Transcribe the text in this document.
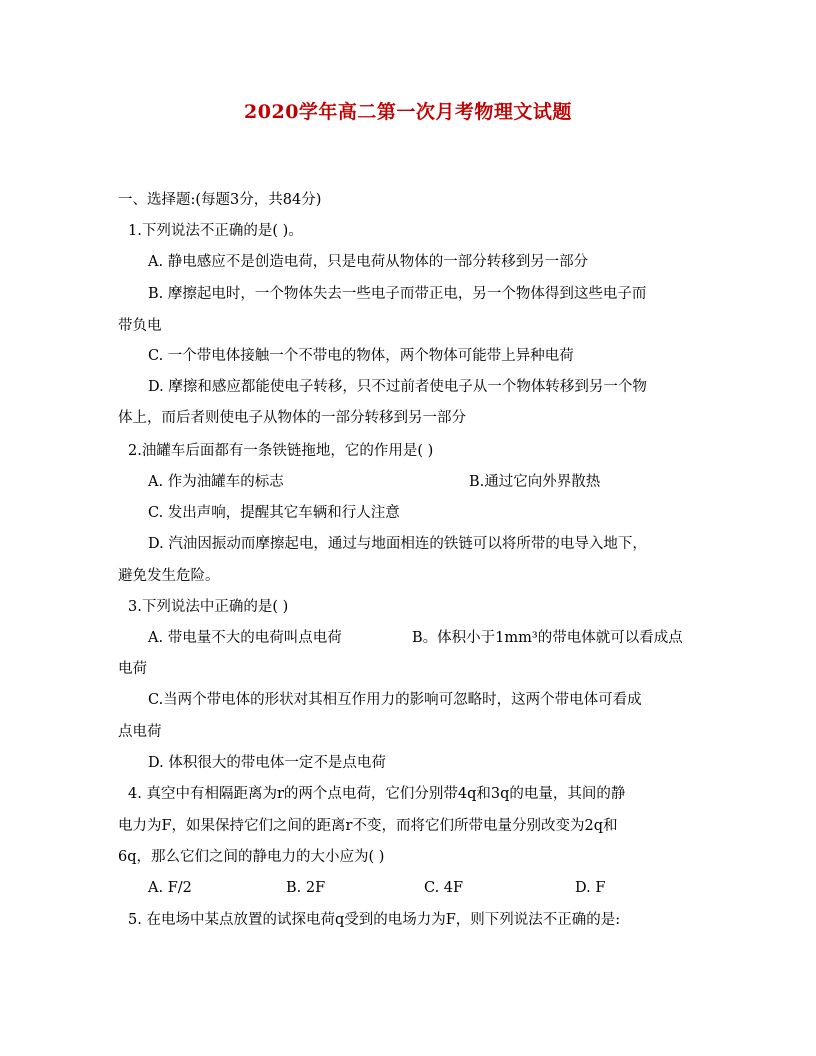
2020学年高二第一次月考物理文试题
一、选择题:(每题3分，共84分)
1.下列说法不正确的是( )。
A. 静电感应不是创造电荷，只是电荷从物体的一部分转移到另一部分
B. 摩擦起电时，一个物体失去一些电子而带正电，另一个物体得到这些电子而
带负电
C. 一个带电体接触一个不带电的物体，两个物体可能带上异种电荷
D. 摩擦和感应都能使电子转移，只不过前者使电子从一个物体转移到另一个物
体上，而后者则使电子从物体的一部分转移到另一部分
2.油罐车后面都有一条铁链拖地，它的作用是( )
A. 作为油罐车的标志	B.通过它向外界散热
C. 发出声响，提醒其它车辆和行人注意
D. 汽油因振动而摩擦起电，通过与地面相连的铁链可以将所带的电导入地下，
避免发生危险。
3.下列说法中正确的是( )
A. 带电量不大的电荷叫点电荷	B。体积小于1mm³的带电体就可以看成点
电荷
C.当两个带电体的形状对其相互作用力的影响可忽略时，这两个带电体可看成
点电荷
D. 体积很大的带电体一定不是点电荷
4. 真空中有相隔距离为r的两个点电荷，它们分别带4q和3q的电量，其间的静
电力为F，如果保持它们之间的距离r不变，而将它们所带电量分别改变为2q和
6q，那么它们之间的静电力的大小应为( )
A. F/2	B. 2F	C. 4F	D. F
5. 在电场中某点放置的试探电荷q受到的电场力为F，则下列说法不正确的是:
